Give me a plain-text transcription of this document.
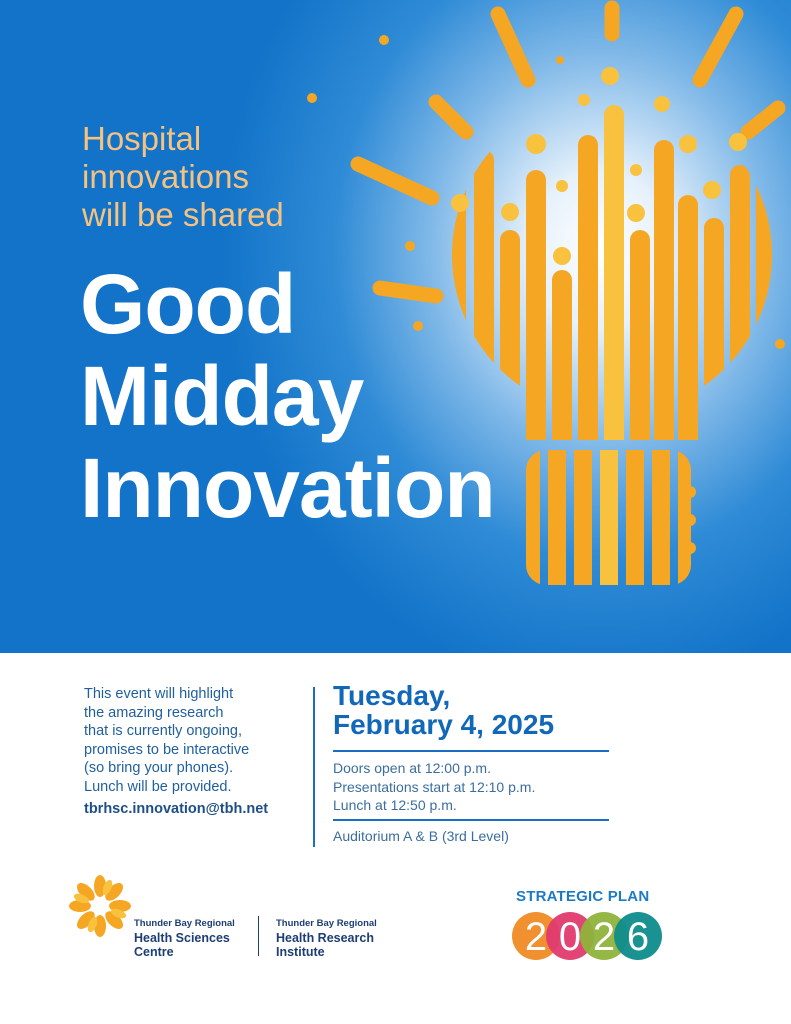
Hospital
innovations
will be shared
Good
Midday
Innovation
This event will highlight
the amazing research
that is currently ongoing,
promises to be interactive
(so bring your phones).
Lunch will be provided.
tbrhsc.innovation@tbh.net
Tuesday,
February 4, 2025
Doors open at 12:00 p.m.
Presentations start at 12:10 p.m.
Lunch at 12:50 p.m.
Auditorium A & B (3rd Level)
Thunder Bay Regional
Health Sciences
Centre
Thunder Bay Regional
Health Research
Institute
STRATEGIC PLAN
2 0 2 6
